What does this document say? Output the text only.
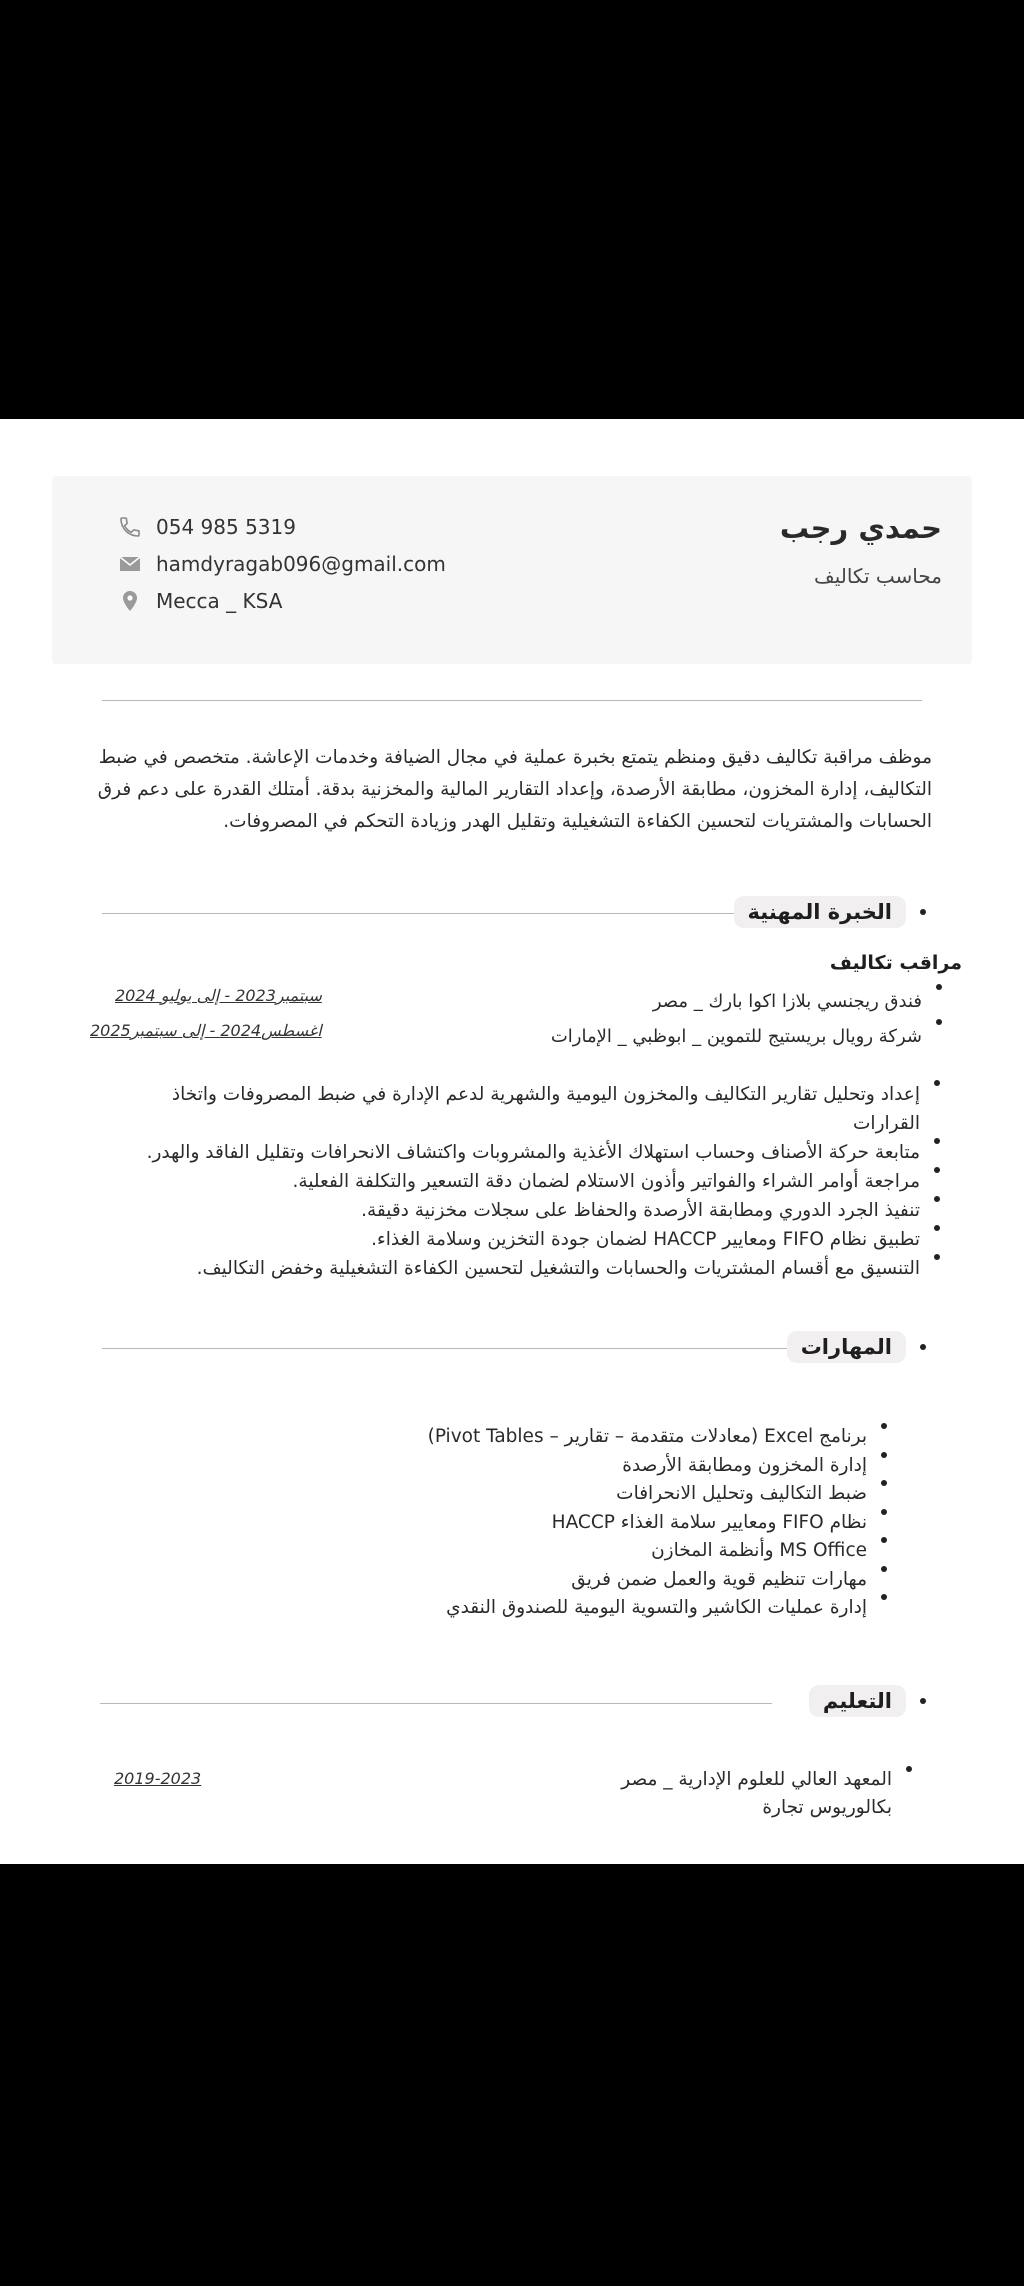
حمدي رجب
محاسب تكاليف
054 985 5319
hamdyragab096@gmail.com
Mecca _ KSA
موظف مراقبة تكاليف دقيق ومنظم يتمتع بخبرة عملية في مجال الضيافة وخدمات الإعاشة. متخصص في ضبط التكاليف، إدارة المخزون، مطابقة الأرصدة، وإعداد التقارير المالية والمخزنية بدقة. أمتلك القدرة على دعم فرق الحسابات والمشتريات لتحسين الكفاءة التشغيلية وتقليل الهدر وزيادة التحكم في المصروفات.
الخبرة المهنية
مراقب تكاليف
فندق ريجنسي بلازا اكوا بارك _ مصر
شركة رويال بريستيج للتموين _ ابوظبي _ الإمارات
سبتمبر2023 - إلى يوليو 2024
اغسطس2024 - إلى سبتمبر2025
إعداد وتحليل تقارير التكاليف والمخزون اليومية والشهرية لدعم الإدارة في ضبط المصروفات واتخاذ القرارات
متابعة حركة الأصناف وحساب استهلاك الأغذية والمشروبات واكتشاف الانحرافات وتقليل الفاقد والهدر.
مراجعة أوامر الشراء والفواتير وأذون الاستلام لضمان دقة التسعير والتكلفة الفعلية.
تنفيذ الجرد الدوري ومطابقة الأرصدة والحفاظ على سجلات مخزنية دقيقة.
تطبيق نظام FIFO ومعايير HACCP لضمان جودة التخزين وسلامة الغذاء.
التنسيق مع أقسام المشتريات والحسابات والتشغيل لتحسين الكفاءة التشغيلية وخفض التكاليف.
المهارات
برنامج Excel (معادلات متقدمة – تقارير – Pivot Tables)
إدارة المخزون ومطابقة الأرصدة
ضبط التكاليف وتحليل الانحرافات
نظام FIFO ومعايير سلامة الغذاء HACCP
MS Office وأنظمة المخازن
مهارات تنظيم قوية والعمل ضمن فريق
إدارة عمليات الكاشير والتسوية اليومية للصندوق النقدي
التعليم
المعهد العالي للعلوم الإدارية _ مصر
بكالوريوس تجارة
2019-2023
